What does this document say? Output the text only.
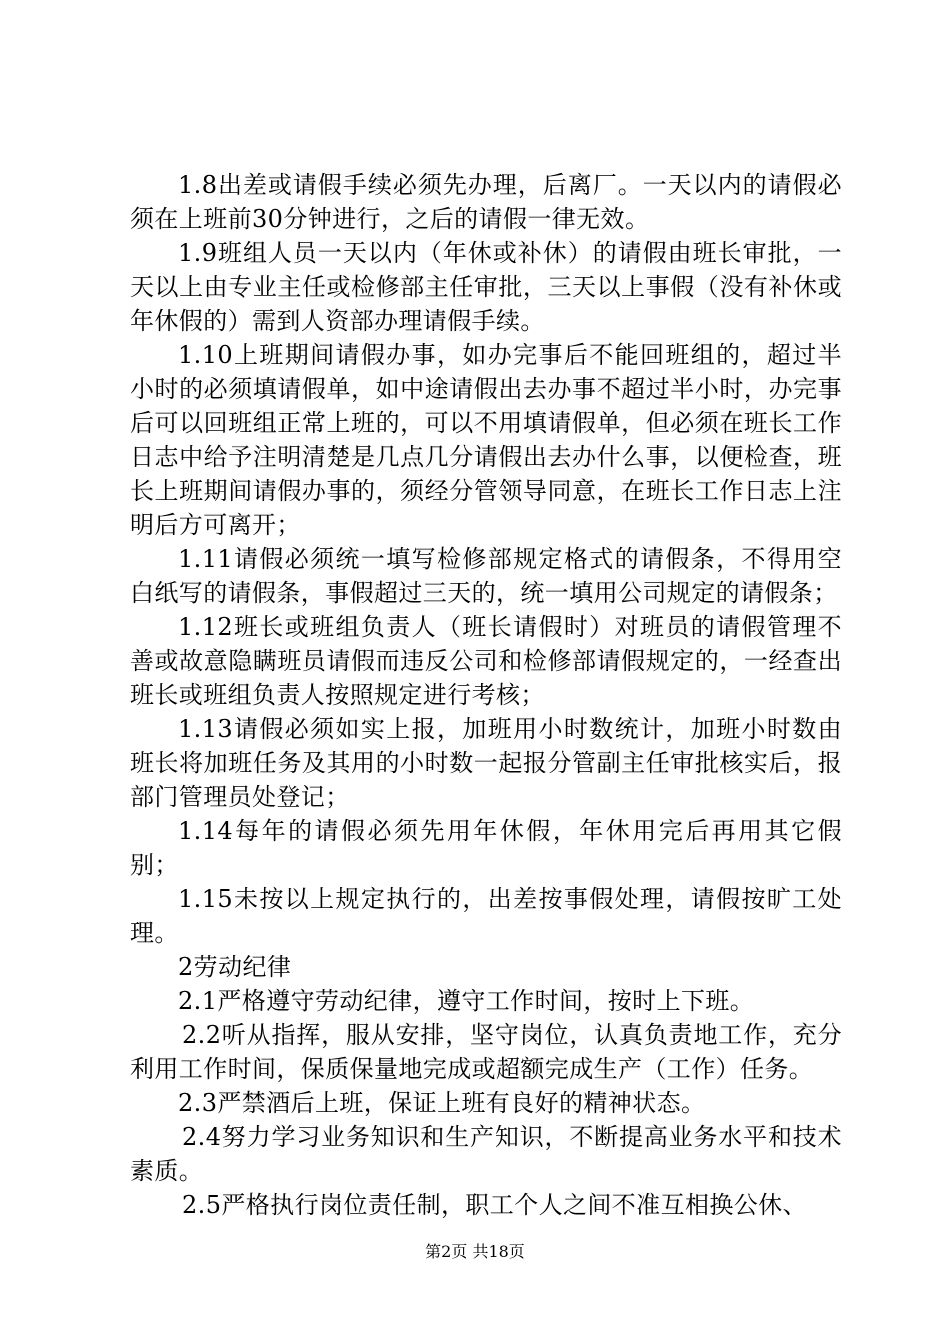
1.8出差或请假手续必须先办理，后离厂。一天以内的请假必须在上班前30分钟进行，之后的请假一律无效。

1.9班组人员一天以内（年休或补休）的请假由班长审批，一天以上由专业主任或检修部主任审批，三天以上事假（没有补休或年休假的）需到人资部办理请假手续。

1.10上班期间请假办事，如办完事后不能回班组的，超过半小时的必须填请假单，如中途请假出去办事不超过半小时，办完事后可以回班组正常上班的，可以不用填请假单，但必须在班长工作日志中给予注明清楚是几点几分请假出去办什么事，以便检查，班长上班期间请假办事的，须经分管领导同意，在班长工作日志上注明后方可离开；

1.11请假必须统一填写检修部规定格式的请假条，不得用空白纸写的请假条，事假超过三天的，统一填用公司规定的请假条；

1.12班长或班组负责人（班长请假时）对班员的请假管理不善或故意隐瞒班员请假而违反公司和检修部请假规定的，一经查出班长或班组负责人按照规定进行考核；

1.13请假必须如实上报，加班用小时数统计，加班小时数由班长将加班任务及其用的小时数一起报分管副主任审批核实后，报部门管理员处登记；

1.14每年的请假必须先用年休假，年休用完后再用其它假别；

1.15未按以上规定执行的，出差按事假处理，请假按旷工处理。

2劳动纪律

2.1严格遵守劳动纪律，遵守工作时间，按时上下班。

2.2听从指挥，服从安排，坚守岗位，认真负责地工作，充分利用工作时间，保质保量地完成或超额完成生产（工作）任务。

2.3严禁酒后上班，保证上班有良好的精神状态。

2.4努力学习业务知识和生产知识，不断提高业务水平和技术素质。

2.5严格执行岗位责任制，职工个人之间不准互相换公休、

第2页 共18页
